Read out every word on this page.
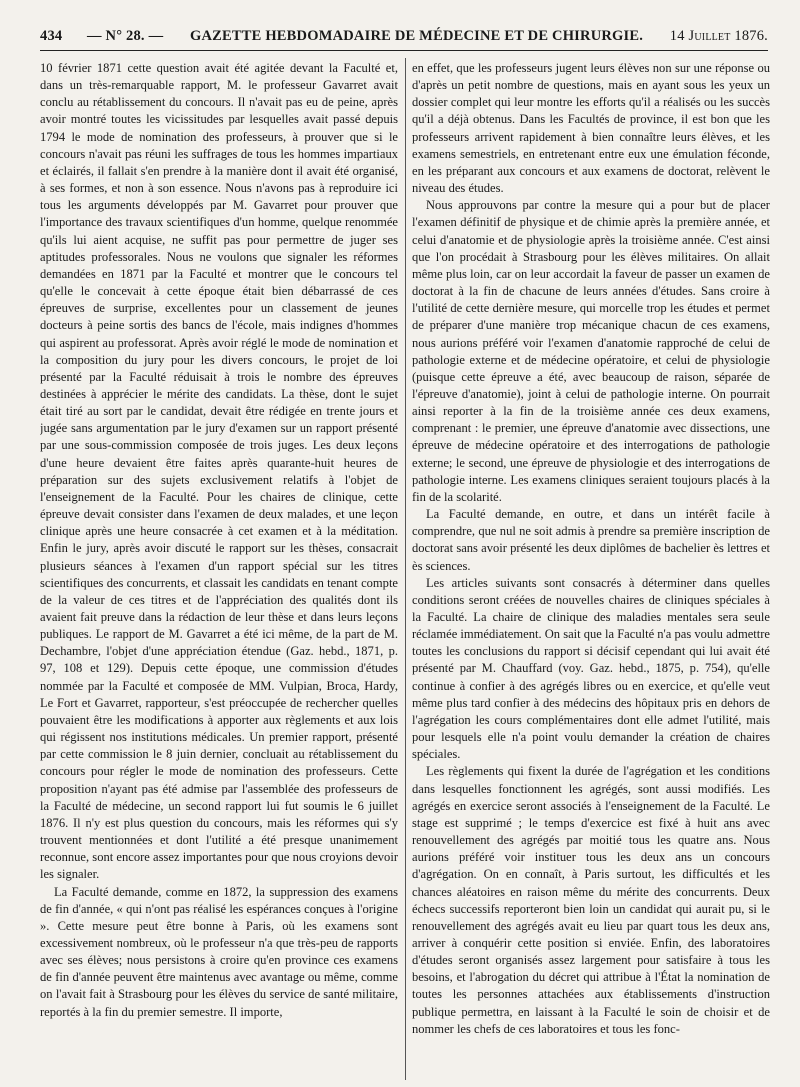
434 — N° 28. — GAZETTE HEBDOMADAIRE DE MÉDECINE ET DE CHIRURGIE. 14 Juillet 1876.

10 février 1871 cette question avait été agitée devant la Faculté et, dans un très-remarquable rapport, M. le professeur Gavarret avait conclu au rétablissement du concours. Il n'avait pas eu de peine, après avoir montré toutes les vicissitudes par lesquelles avait passé depuis 1794 le mode de nomination des professeurs, à prouver que si le concours n'avait pas réuni les suffrages de tous les hommes impartiaux et éclairés, il fallait s'en prendre à la manière dont il avait été organisé, à ses formes, et non à son essence. Nous n'avons pas à reproduire ici tous les arguments développés par M. Gavarret pour prouver que l'importance des travaux scientifiques d'un homme, quelque renommée qu'ils lui aient acquise, ne suffit pas pour permettre de juger ses aptitudes professorales. Nous ne voulons que signaler les réformes demandées en 1871 par la Faculté et montrer que le concours tel qu'elle le concevait à cette époque était bien débarrassé de ces épreuves de surprise, excellentes pour un classement de jeunes docteurs à peine sortis des bancs de l'école, mais indignes d'hommes qui aspirent au professorat. Après avoir réglé le mode de nomination et la composition du jury pour les divers concours, le projet de loi présenté par la Faculté réduisait à trois le nombre des épreuves destinées à apprécier le mérite des candidats. La thèse, dont le sujet était tiré au sort par le candidat, devait être rédigée en trente jours et jugée sans argumentation par le jury d'examen sur un rapport présenté par une sous-commission composée de trois juges. Les deux leçons d'une heure devaient être faites après quarante-huit heures de préparation sur des sujets exclusivement relatifs à l'objet de l'enseignement de la Faculté. Pour les chaires de clinique, cette épreuve devait consister dans l'examen de deux malades, et une leçon clinique après une heure consacrée à cet examen et à la méditation. Enfin le jury, après avoir discuté le rapport sur les thèses, consacrait plusieurs séances à l'examen d'un rapport spécial sur les titres scientifiques des concurrents, et classait les candidats en tenant compte de la valeur de ces titres et de l'appréciation des qualités dont ils avaient fait preuve dans la rédaction de leur thèse et dans leurs leçons publiques. Le rapport de M. Gavarret a été ici même, de la part de M. Dechambre, l'objet d'une appréciation étendue (Gaz. hebd., 1871, p. 97, 108 et 129). Depuis cette époque, une commission d'études nommée par la Faculté et composée de MM. Vulpian, Broca, Hardy, Le Fort et Gavarret, rapporteur, s'est préoccupée de rechercher quelles pouvaient être les modifications à apporter aux règlements et aux lois qui régissent nos institutions médicales. Un premier rapport, présenté par cette commission le 8 juin dernier, concluait au rétablissement du concours pour régler le mode de nomination des professeurs. Cette proposition n'ayant pas été admise par l'assemblée des professeurs de la Faculté de médecine, un second rapport lui fut soumis le 6 juillet 1876. Il n'y est plus question du concours, mais les réformes qui s'y trouvent mentionnées et dont l'utilité a été presque unanimement reconnue, sont encore assez importantes pour que nous croyions devoir les signaler.

La Faculté demande, comme en 1872, la suppression des examens de fin d'année, « qui n'ont pas réalisé les espérances conçues à l'origine ». Cette mesure peut être bonne à Paris, où les examens sont excessivement nombreux, où le professeur n'a que très-peu de rapports avec ses élèves; nous persistons à croire qu'en province ces examens de fin d'année peuvent être maintenus avec avantage ou même, comme on l'avait fait à Strasbourg pour les élèves du service de santé militaire, reportés à la fin du premier semestre. Il importe,

en effet, que les professeurs jugent leurs élèves non sur une réponse ou d'après un petit nombre de questions, mais en ayant sous les yeux un dossier complet qui leur montre les efforts qu'il a réalisés ou les succès qu'il a déjà obtenus. Dans les Facultés de province, il est bon que les professeurs arrivent rapidement à bien connaître leurs élèves, et les examens semestriels, en entretenant entre eux une émulation féconde, en les préparant aux concours et aux examens de doctorat, relèvent le niveau des études.

Nous approuvons par contre la mesure qui a pour but de placer l'examen définitif de physique et de chimie après la première année, et celui d'anatomie et de physiologie après la troisième année. C'est ainsi que l'on procédait à Strasbourg pour les élèves militaires. On allait même plus loin, car on leur accordait la faveur de passer un examen de doctorat à la fin de chacune de leurs années d'études. Sans croire à l'utilité de cette dernière mesure, qui morcelle trop les études et permet de préparer d'une manière trop mécanique chacun de ces examens, nous aurions préféré voir l'examen d'anatomie rapproché de celui de pathologie externe et de médecine opératoire, et celui de physiologie (puisque cette épreuve a été, avec beaucoup de raison, séparée de l'épreuve d'anatomie), joint à celui de pathologie interne. On pourrait ainsi reporter à la fin de la troisième année ces deux examens, comprenant : le premier, une épreuve d'anatomie avec dissections, une épreuve de médecine opératoire et des interrogations de pathologie externe; le second, une épreuve de physiologie et des interrogations de pathologie interne. Les examens cliniques seraient toujours placés à la fin de la scolarité.

La Faculté demande, en outre, et dans un intérêt facile à comprendre, que nul ne soit admis à prendre sa première inscription de doctorat sans avoir présenté les deux diplômes de bachelier ès lettres et ès sciences.

Les articles suivants sont consacrés à déterminer dans quelles conditions seront créées de nouvelles chaires de cliniques spéciales à la Faculté. La chaire de clinique des maladies mentales sera seule réclamée immédiatement. On sait que la Faculté n'a pas voulu admettre toutes les conclusions du rapport si décisif cependant qui lui avait été présenté par M. Chauffard (voy. Gaz. hebd., 1875, p. 754), qu'elle continue à confier à des agrégés libres ou en exercice, et qu'elle veut même plus tard confier à des médecins des hôpitaux pris en dehors de l'agrégation les cours complémentaires dont elle admet l'utilité, mais pour lesquels elle n'a point voulu demander la création de chaires spéciales.

Les règlements qui fixent la durée de l'agrégation et les conditions dans lesquelles fonctionnent les agrégés, sont aussi modifiés. Les agrégés en exercice seront associés à l'enseignement de la Faculté. Le stage est supprimé ; le temps d'exercice est fixé à huit ans avec renouvellement des agrégés par moitié tous les quatre ans. Nous aurions préféré voir instituer tous les deux ans un concours d'agrégation. On en connaît, à Paris surtout, les difficultés et les chances aléatoires en raison même du mérite des concurrents. Deux échecs successifs reporteront bien loin un candidat qui aurait pu, si le renouvellement des agrégés avait eu lieu par quart tous les deux ans, arriver à conquérir cette position si enviée. Enfin, des laboratoires d'études seront organisés assez largement pour satisfaire à tous les besoins, et l'abrogation du décret qui attribue à l'État la nomination de toutes les personnes attachées aux établissements d'instruction publique permettra, en laissant à la Faculté le soin de choisir et de nommer les chefs de ces laboratoires et tous les fonc-
